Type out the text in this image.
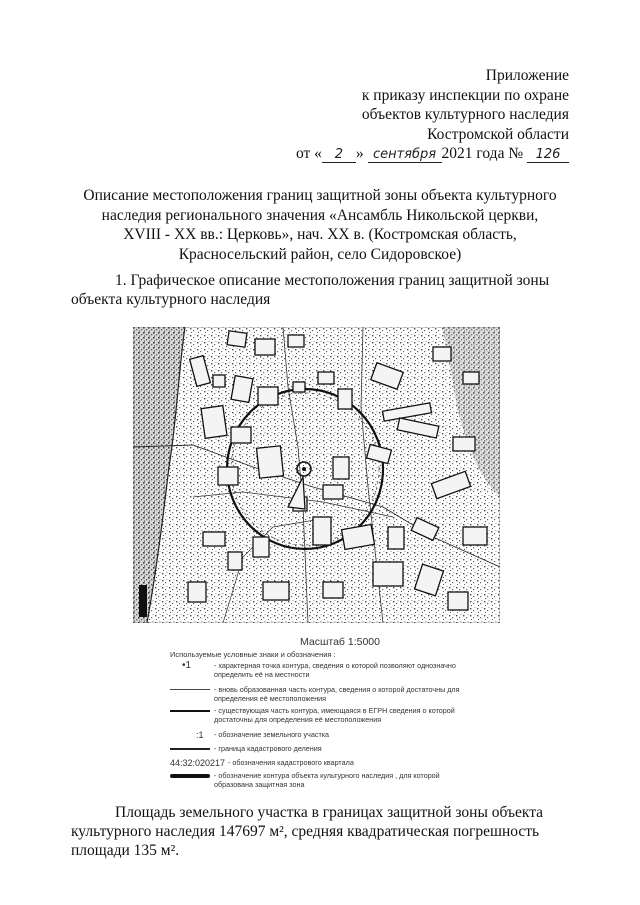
Приложение
к приказу инспекции по охране
объектов культурного наследия
Костромской области
от « 2 » сентября 2021 года № 126
Описание местоположения границ защитной зоны объекта культурного
наследия регионального значения «Ансамбль Никольской церкви,
XVIII - XX вв.: Церковь», нач. XX в. (Костромская область,
Красносельский район, село Сидоровское)
1. Графическое описание местоположения границ защитной зоны
объекта культурного наследия
Масштаб 1:5000
Используемые условные знаки и обозначения :
•1	- характерная точка контура, сведения о которой позволяют однозначно определить её на местности
- вновь образованная часть контура, сведения о которой достаточны для определения её местоположения
- существующая часть контура, имеющаяся в ЕГРН сведения о которой достаточны для определения её местоположения
:1	- обозначение земельного участка
- граница кадастрового деления
44:32:020217 - обозначения кадастрового квартала
- обозначение контура объекта культурного наследия , для которой образована защитная зона
Площадь земельного участка в границах защитной зоны объекта
культурного наследия 147697 м², средняя квадратическая погрешность
площади 135 м².
